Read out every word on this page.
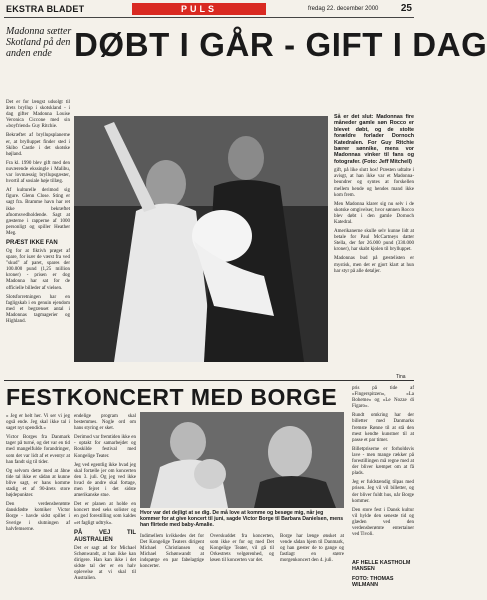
EKSTRA BLADET	PULS	fredag 22. december 2000 25
Madonna sætter Skotland på den anden ende DØBT I GÅR - GIFT I DAG

Det er for længst udsolgt til årets bryllup i skotskland - i dag gifter Madonna Louise Veronica Ciccone med sin »boyfriend« Guy Ritchie.

Bekræftet af bryllupsplanerne er, at brylluppet finder sted i Skibo Castle i det skotske højland.

Fra kl. 1990 blev gift med den nuværende ekssingle i Malibu, var lovmæssig bryllupsgæster, hvortil af sosiale høje tillæg.

Af kulturelle derimod sig figure. Glenn Close. Sting er sagt fra. Bramme havn har ret ikke bekræftet afnomsvedholdende. Sagt at gæsterne i rapperne af 1000 personligt og spiller Heather Meg.

PRÆST IKKE FAN

Og for at fiktivh prøget af spare, for især de værst fra ved "skud" af paret, spares der 100.000 pund (1,25 million kroner) - prisen er dog Madonna har sat for de officielle billeder af vielsen.

Slotsforretningen har en fagligskab i en genuin ejendom med et begrænset antal i Madonnas tagmagerier og Highland.

Så er det slut: Madonnas fire måneder gamle søn Rocco er blevet døbt, og de stolte forældre forlader Dornoch Katedralen. For Guy Ritchie bærer sønnike, mens vor Madonnas vinker til fans og fotografer. (Foto: Jeff Mitchell)

gift, på like slutt hos! Præsten udtalte i avisgt, at han ikke var et Madonna-beundrer og syntes at forskellen mellem hende og hendes mand ikke kom frem.

Men Madonna klarer sig nu selv i de skotske omgivelser, hvor sønnen Rocco blev døbt i den gamle Dornoch Katedral.

Amerikanerne skulle selv kunne lidt at betale for Paul McCartneys datter Stella, der før 26.000 pund (330.000 kroner), har skabt kjolen til brylluppet.

Madonnas bud på gæstelisten er mystisk, men det er gjort klart at hun har styr på alle detaljer.

Tina
FESTKONCERT MED BORGE

» Jeg er helt her. Vi ser vi jeg også ende. Jeg skal ikke tal i saget nyt spendidt.«

Victor Borges fra Danmark tager på turné, og det var en tid med mangelfulde forandringer, som det var lidt af et eventyr at han fandt sig til tider.

Og selvom dette med at åbne tide tal ikke er sådan at kunne blive sagt, er hans komme stadig et af 90-årets store højdepunkter.

Den verdensberømte danskfødte komiker Victor Borge - havde sidst spillet i Sverige i slutningen af halvfemserne.

endelige program skal bestemmes. Nogle ord om hans styring er sket.

Derimod var fremtiden ikke en - optakt for samarbejdet og Roskilde festival med Kongelige Teater.

Jeg ved egentlig ikke hvad jeg skal fortælle jer om koncerten den 3. juli. Og jeg ved ikke hvad de andre skal fortage, men fejret i det sidste amerikanske stue.

Det er planen at holde en koncert med seks solister og en god forestilling som kaldes »et fagligt udtryk«.

PÅ VEJ TIL AUSTRALIEN

Det er sagt ad for Michael Schønwandt, at han ikke kan dirigere. Han kan ikke i det sidste tal der er en halv oplevelse at vi skal til Australien.

Hvor var det dejligt at se dig. De må love at komme og besøge mig, når jeg kommer for at give koncert til juni, sagde Victor Borge til Barbara Danielsen, mens han flirtede med baby-Amalie.

Indimellem kvikkedes det for Det Kongelige Teaters dirigent Michael Christiansen og Michael Schønwandt at indspørge en par fabelagtige koncerter.

Overskuddet fra koncerten, som ikke er for og med Det Kongelige Teater, vil gå til Orkestrets velgørenhed, og løsen til koncerten var det.

Borge har længe ønsket at vende sådan hjem til Danmark, og han gæster de to gange og fastlagt en større morgenkoncert den 4. juli.

pris på tide af »Fingerspitzen«, »La Boheme« og »Le Nozze di Figaro«.

Rundt omkring har der billetter med Danmarks fremste Rønne til at stå den mest kendte kunstner til at passe et par timer.

Billetpriserne er forholdsvis lave - men mange rækker på forestillingen må regne med at der bliver kæmpet om at få plads.

Jeg er fuldstændig tilpas med prisen. Jeg vil vil billetter, og der bliver fuldt hus, når Borge kommer.

Den store fest i Dansk kultur vil hylde den seneste tid og glæden ved den verdensberømte entertainer ved Tivoli.

AF HELLE KASTHOLM HANSEN
FOTO: THOMAS WILMANN
